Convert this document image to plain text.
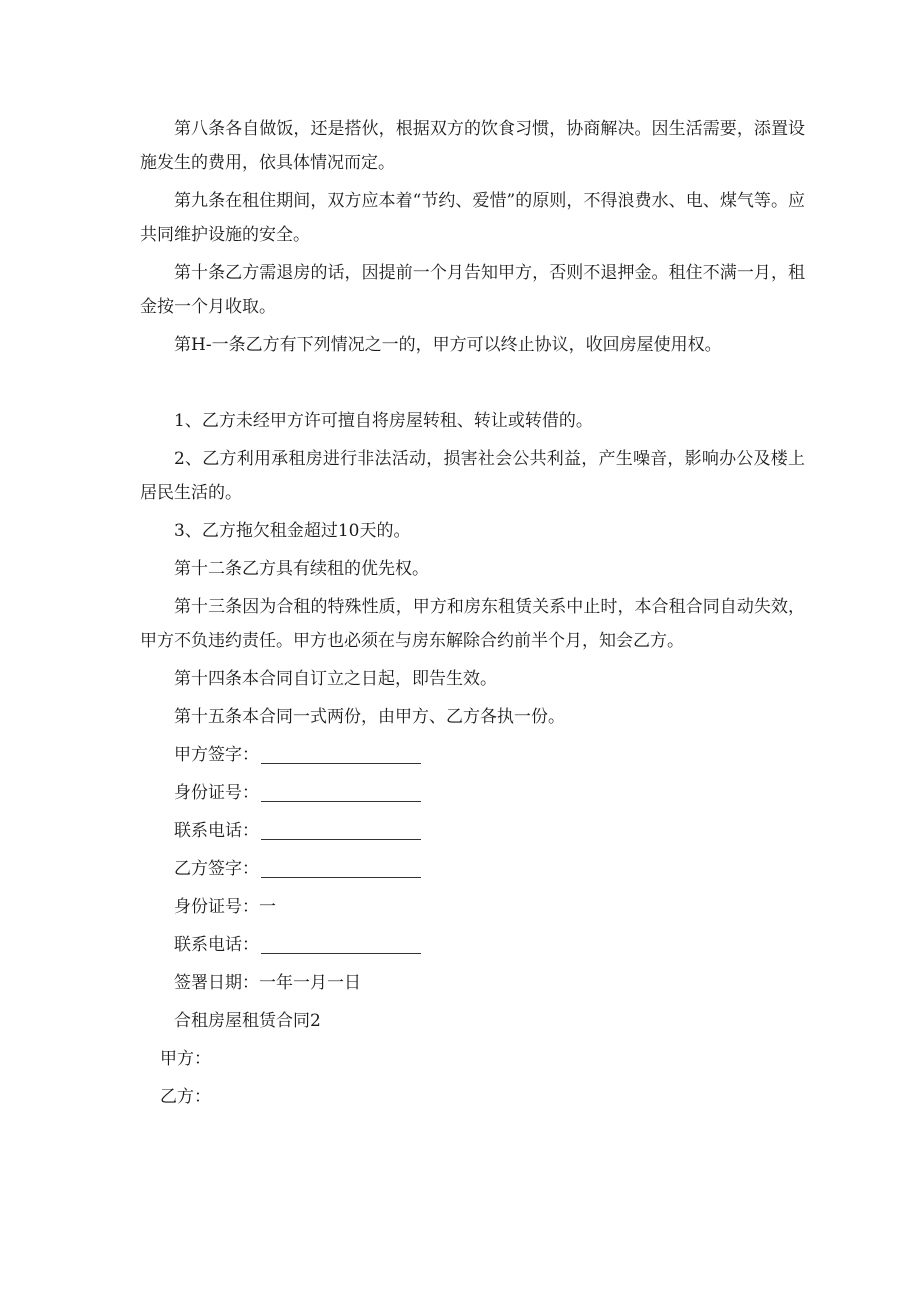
第八条各自做饭，还是搭伙，根据双方的饮食习惯，协商解决。因生活需要，添置设施发生的费用，依具体情况而定。

第九条在租住期间，双方应本着“节约、爱惜”的原则，不得浪费水、电、煤气等。应共同维护设施的安全。

第十条乙方需退房的话，因提前一个月告知甲方，否则不退押金。租住不满一月，租金按一个月收取。

第H-一条乙方有下列情况之一的，甲方可以终止协议，收回房屋使用权。

1、乙方未经甲方许可擅自将房屋转租、转让或转借的。

2、乙方利用承租房进行非法活动，损害社会公共利益，产生噪音，影响办公及楼上居民生活的。

3、乙方拖欠租金超过10天的。

第十二条乙方具有续租的优先权。

第十三条因为合租的特殊性质，甲方和房东租赁关系中止时，本合租合同自动失效，甲方不负违约责任。甲方也必须在与房东解除合约前半个月，知会乙方。

第十四条本合同自订立之日起，即告生效。

第十五条本合同一式两份，由甲方、乙方各执一份。

甲方签字：
身份证号：
联系电话：
乙方签字：
身份证号：一
联系电话：
签署日期：一年一月一日
合租房屋租赁合同2
甲方：
乙方：
